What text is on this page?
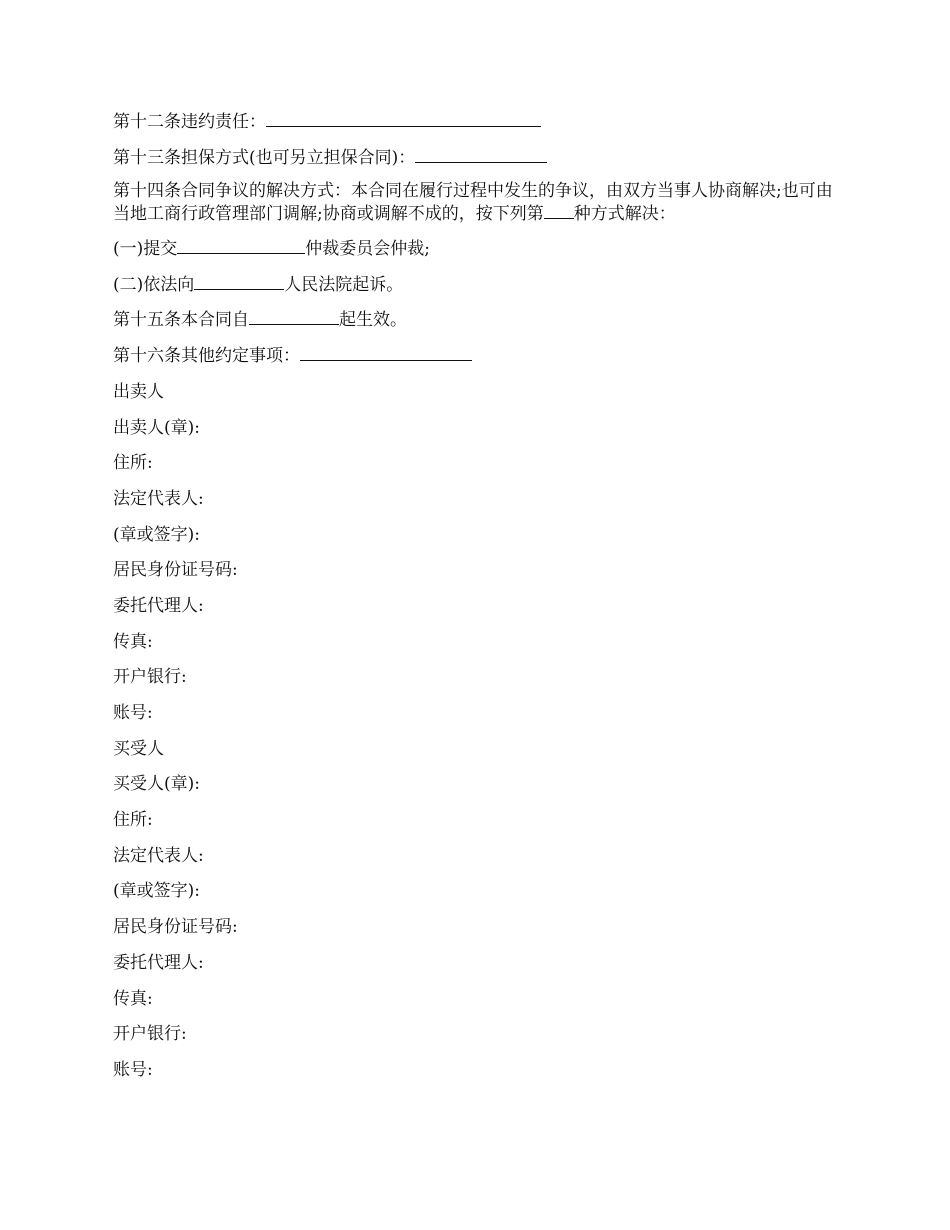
第十二条违约责任：
第十三条担保方式(也可另立担保合同)：
第十四条合同争议的解决方式：本合同在履行过程中发生的争议，由双方当事人协商解决;也可由当地工商行政管理部门调解;协商或调解不成的，按下列第 种方式解决：
(一)提交	仲裁委员会仲裁;
(二)依法向	人民法院起诉。
第十五条本合同自	起生效。
第十六条其他约定事项：
出卖人
出卖人(章):
住所:
法定代表人:
(章或签字):
居民身份证号码:
委托代理人:
传真:
开户银行:
账号:
买受人
买受人(章):
住所:
法定代表人:
(章或签字):
居民身份证号码:
委托代理人:
传真:
开户银行:
账号:
